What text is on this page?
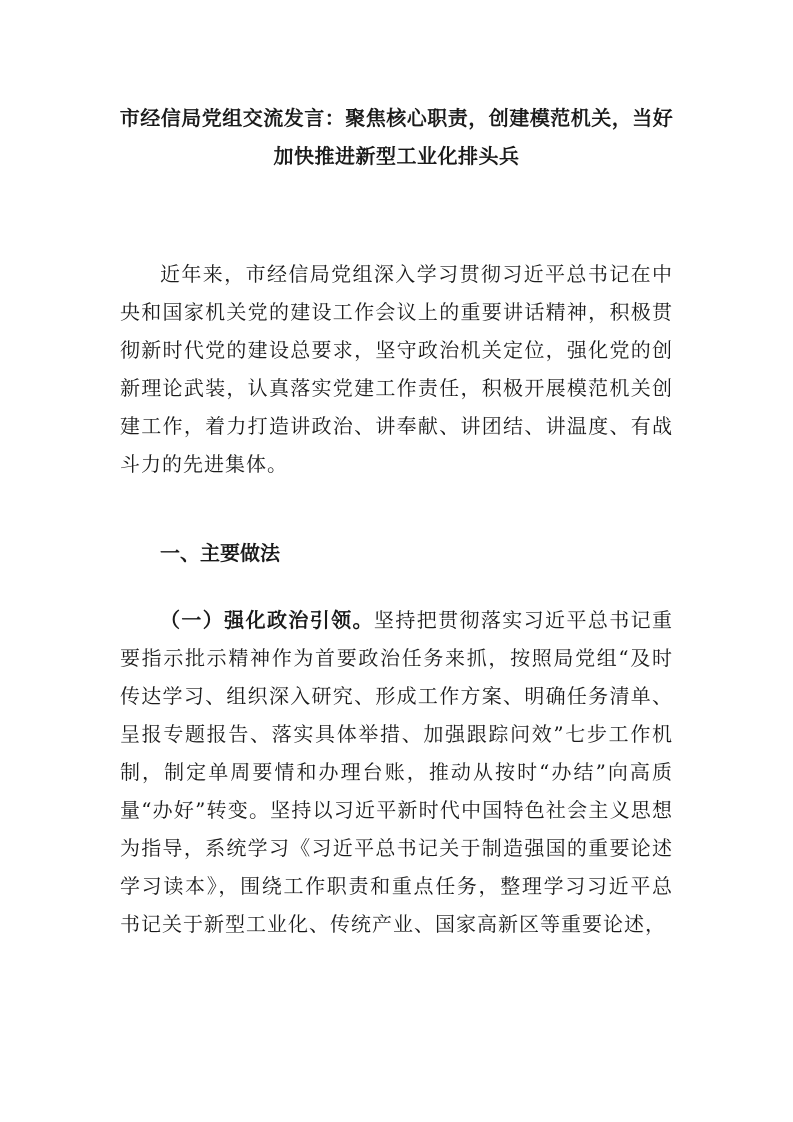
市经信局党组交流发言：聚焦核心职责，创建模范机关，当好加快推进新型工业化排头兵

近年来，市经信局党组深入学习贯彻习近平总书记在中央和国家机关党的建设工作会议上的重要讲话精神，积极贯彻新时代党的建设总要求，坚守政治机关定位，强化党的创新理论武装，认真落实党建工作责任，积极开展模范机关创建工作，着力打造讲政治、讲奉献、讲团结、讲温度、有战斗力的先进集体。

一、主要做法

（一）强化政治引领。坚持把贯彻落实习近平总书记重要指示批示精神作为首要政治任务来抓，按照局党组“及时传达学习、组织深入研究、形成工作方案、明确任务清单、呈报专题报告、落实具体举措、加强跟踪问效”七步工作机制，制定单周要情和办理台账，推动从按时“办结”向高质量“办好”转变。坚持以习近平新时代中国特色社会主义思想为指导，系统学习《习近平总书记关于制造强国的重要论述学习读本》，围绕工作职责和重点任务，整理学习习近平总书记关于新型工业化、传统产业、国家高新区等重要论述，
